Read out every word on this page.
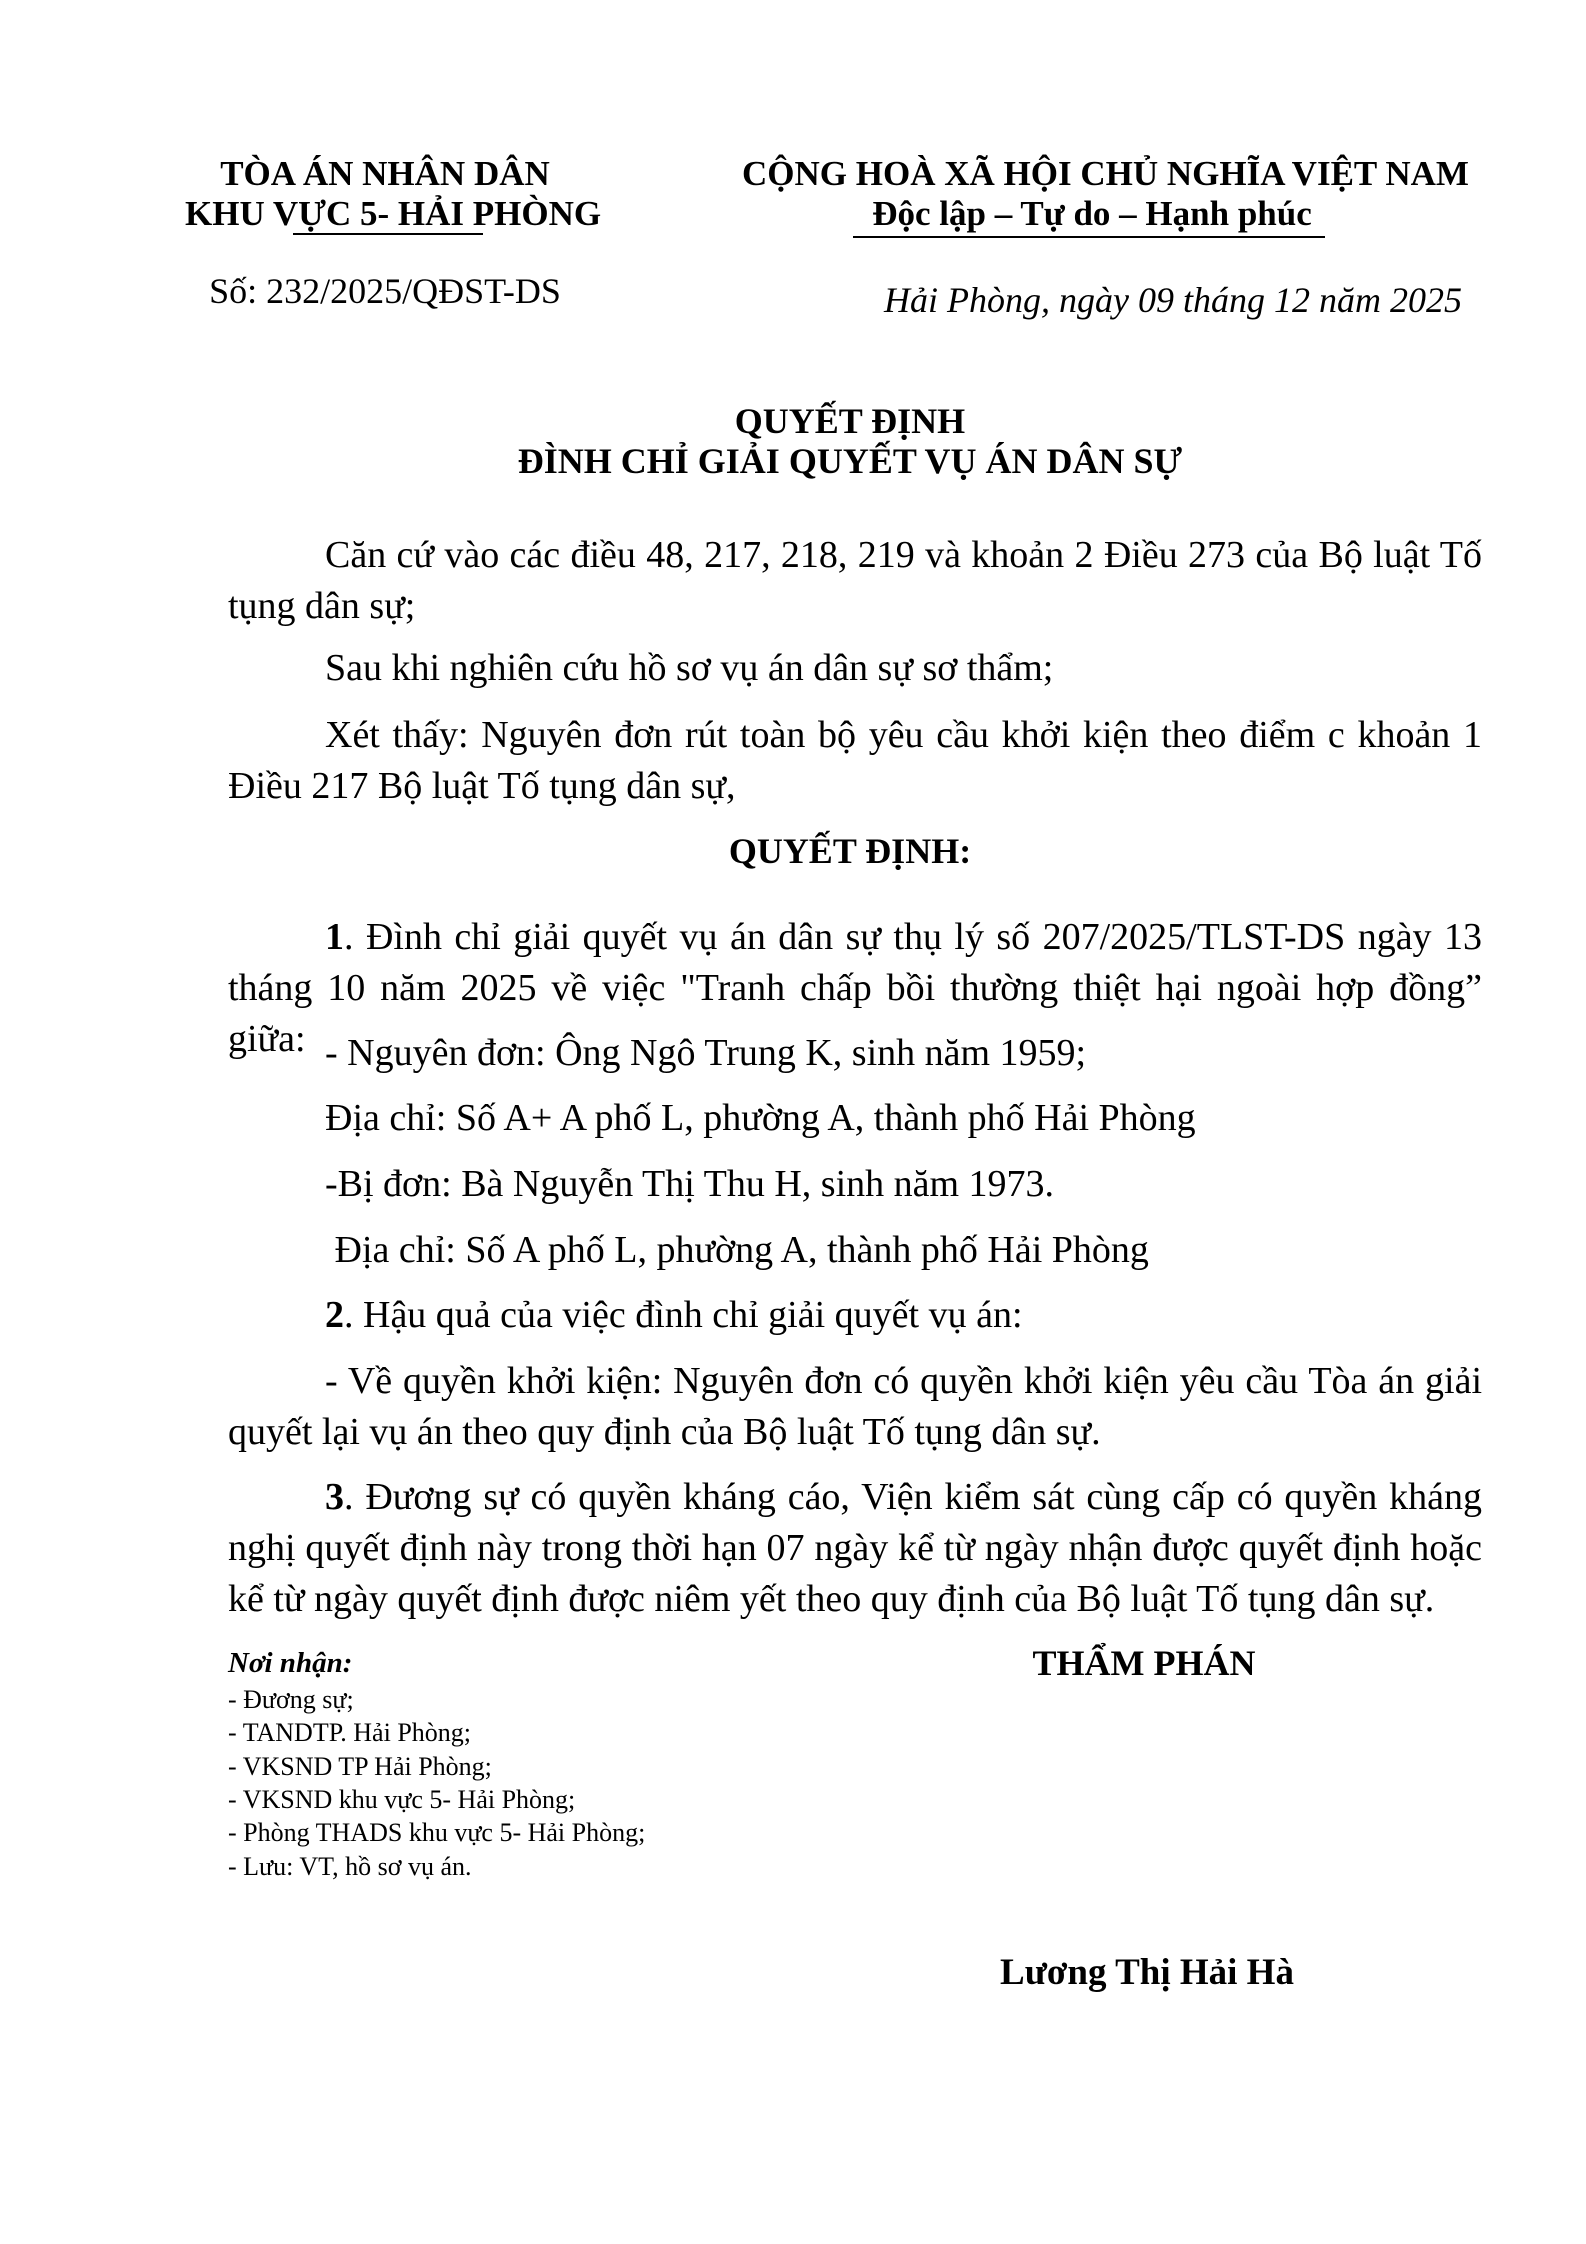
TÒA ÁN NHÂN DÂN
KHU VỰC 5- HẢI PHÒNG
CỘNG HOÀ XÃ HỘI CHỦ NGHĨA VIỆT NAM
Độc lập – Tự do – Hạnh phúc
Số: 232/2025/QĐST-DS	Hải Phòng, ngày 09 tháng 12 năm 2025
QUYẾT ĐỊNH
ĐÌNH CHỈ GIẢI QUYẾT VỤ ÁN DÂN SỰ
Căn cứ vào các điều 48, 217, 218, 219 và khoản 2 Điều 273 của Bộ luật Tố tụng dân sự;
Sau khi nghiên cứu hồ sơ vụ án dân sự sơ thẩm;
Xét thấy: Nguyên đơn rút toàn bộ yêu cầu khởi kiện theo điểm c khoản 1 Điều 217 Bộ luật Tố tụng dân sự,
QUYẾT ĐỊNH:
1. Đình chỉ giải quyết vụ án dân sự thụ lý số 207/2025/TLST-DS ngày 13 tháng 10 năm 2025 về việc "Tranh chấp bồi thường thiệt hại ngoài hợp đồng” giữa: - Nguyên đơn: Ông Ngô Trung K, sinh năm 1959;
Địa chỉ: Số A+ A phố L, phường A, thành phố Hải Phòng
-Bị đơn: Bà Nguyễn Thị Thu H, sinh năm 1973.
Địa chỉ: Số A phố L, phường A, thành phố Hải Phòng
2. Hậu quả của việc đình chỉ giải quyết vụ án:
- Về quyền khởi kiện: Nguyên đơn có quyền khởi kiện yêu cầu Tòa án giải quyết lại vụ án theo quy định của Bộ luật Tố tụng dân sự.
3. Đương sự có quyền kháng cáo, Viện kiểm sát cùng cấp có quyền kháng nghị quyết định này trong thời hạn 07 ngày kể từ ngày nhận được quyết định hoặc kể từ ngày quyết định được niêm yết theo quy định của Bộ luật Tố tụng dân sự.
Nơi nhận:
- Đương sự;
- TANDTP. Hải Phòng;
- VKSND TP Hải Phòng;
- VKSND khu vực 5- Hải Phòng;
- Phòng THADS khu vực 5- Hải Phòng;
- Lưu: VT, hồ sơ vụ án.
THẨM PHÁN
Lương Thị Hải Hà
